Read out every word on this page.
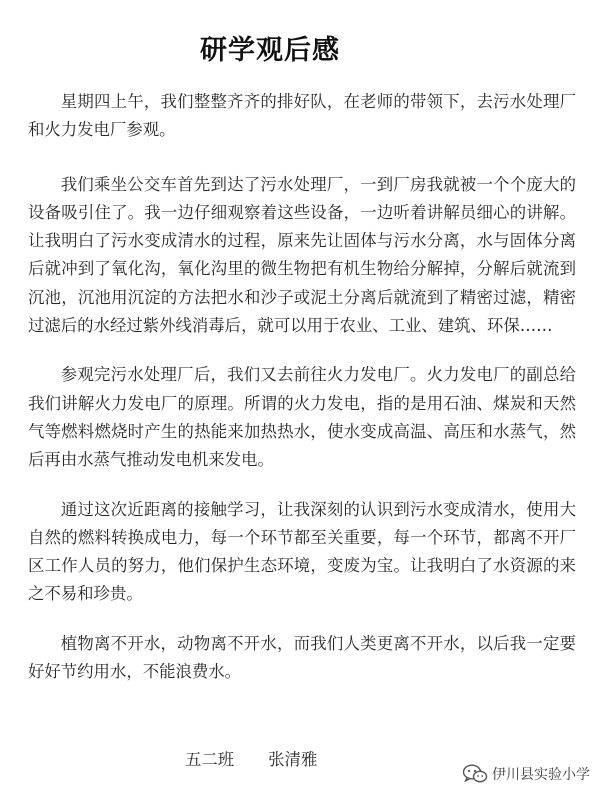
研学观后感

星期四上午，我们整整齐齐的排好队，在老师的带领下，去污水处理厂和火力发电厂参观。

我们乘坐公交车首先到达了污水处理厂，一到厂房我就被一个个庞大的设备吸引住了。我一边仔细观察着这些设备，一边听着讲解员细心的讲解。让我明白了污水变成清水的过程，原来先让固体与污水分离，水与固体分离后就冲到了氧化沟，氧化沟里的微生物把有机生物给分解掉，分解后就流到沉池，沉池用沉淀的方法把水和沙子或泥土分离后就流到了精密过滤，精密过滤后的水经过紫外线消毒后，就可以用于农业、工业、建筑、环保……

参观完污水处理厂后，我们又去前往火力发电厂。火力发电厂的副总给我们讲解火力发电厂的原理。所谓的火力发电，指的是用石油、煤炭和天然气等燃料燃烧时产生的热能来加热热水，使水变成高温、高压和水蒸气，然后再由水蒸气推动发电机来发电。

通过这次近距离的接触学习，让我深刻的认识到污水变成清水，使用大自然的燃料转换成电力，每一个环节都至关重要，每一个环节，都离不开厂区工作人员的努力，他们保护生态环境，变废为宝。让我明白了水资源的来之不易和珍贵。

植物离不开水，动物离不开水，而我们人类更离不开水，以后我一定要好好节约用水，不能浪费水。

五二班 张清雅
伊川县实验小学
